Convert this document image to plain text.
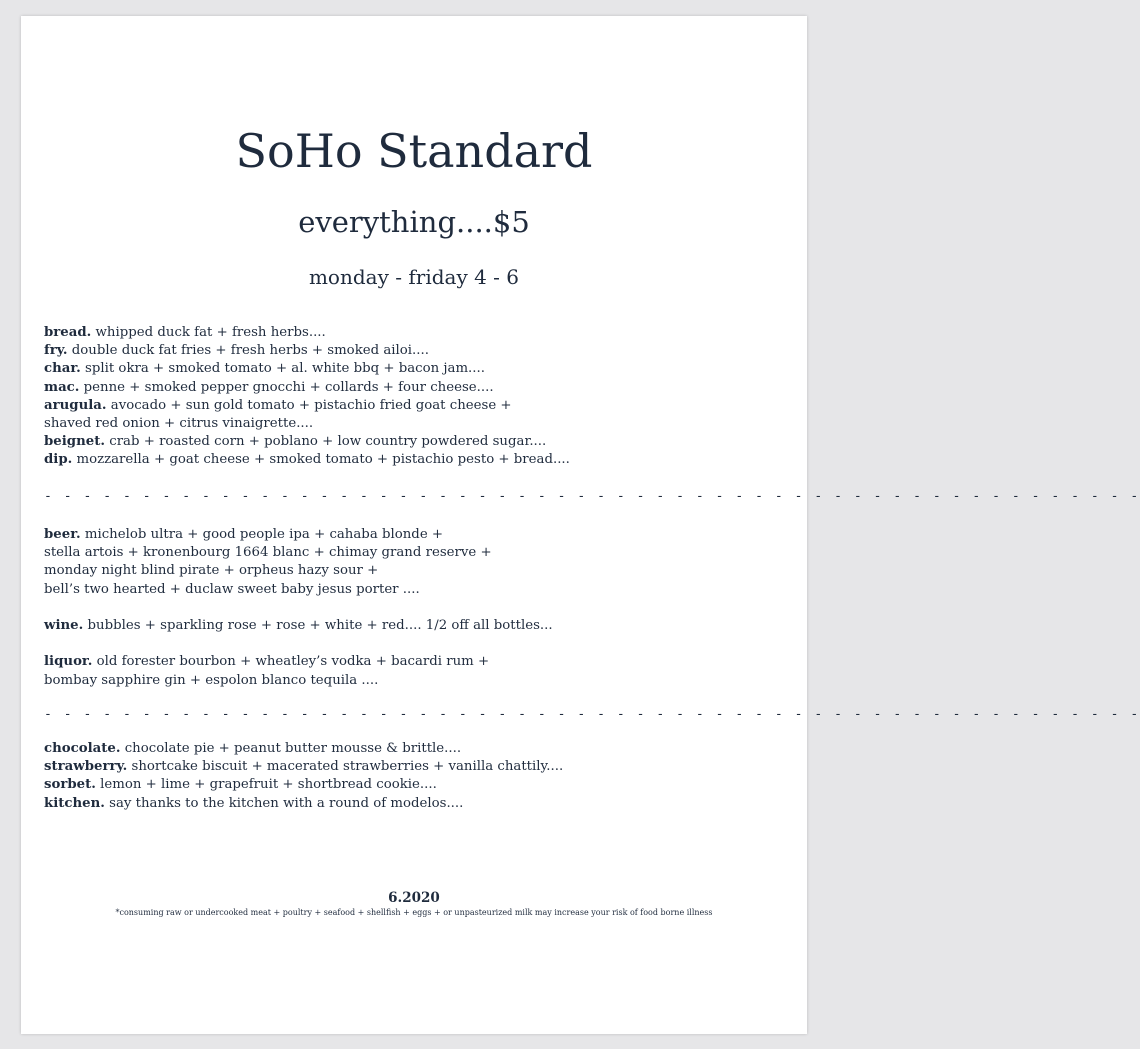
SoHo Standard
everything....$5
monday - friday 4 - 6
bread. whipped duck fat + fresh herbs....
fry. double duck fat fries + fresh herbs + smoked ailoi....
char. split okra + smoked tomato + al. white bbq + bacon jam....
mac. penne + smoked pepper gnocchi + collards + four cheese....
arugula. avocado + sun gold tomato + pistachio fried goat cheese +
shaved red onion + citrus vinaigrette....
beignet. crab + roasted corn + poblano + low country powdered sugar....
dip. mozzarella + goat cheese + smoked tomato + pistachio pesto + bread....
- - - - - - - - - - - - - - - - - - - - - - - - - - - - - - - - - - - - - - - - - - - - - - - - - - - - - - - -
beer. michelob ultra + good people ipa + cahaba blonde +
stella artois + kronenbourg 1664 blanc + chimay grand reserve +
monday night blind pirate + orpheus hazy sour +
bell’s two hearted + duclaw sweet baby jesus porter ....
wine. bubbles + sparkling rose + rose + white + red.... 1/2 off all bottles...
liquor. old forester bourbon + wheatley’s vodka + bacardi rum +
bombay sapphire gin + espolon blanco tequila ....
- - - - - - - - - - - - - - - - - - - - - - - - - - - - - - - - - - - - - - - - - - - - - - - - - - - - - - - -
chocolate. chocolate pie + peanut butter mousse & brittle....
strawberry. shortcake biscuit + macerated strawberries + vanilla chattily....
sorbet. lemon + lime + grapefruit + shortbread cookie....
kitchen. say thanks to the kitchen with a round of modelos....
6.2020
*consuming raw or undercooked meat + poultry + seafood + shellfish + eggs + or unpasteurized milk may increase your risk of food borne illness
